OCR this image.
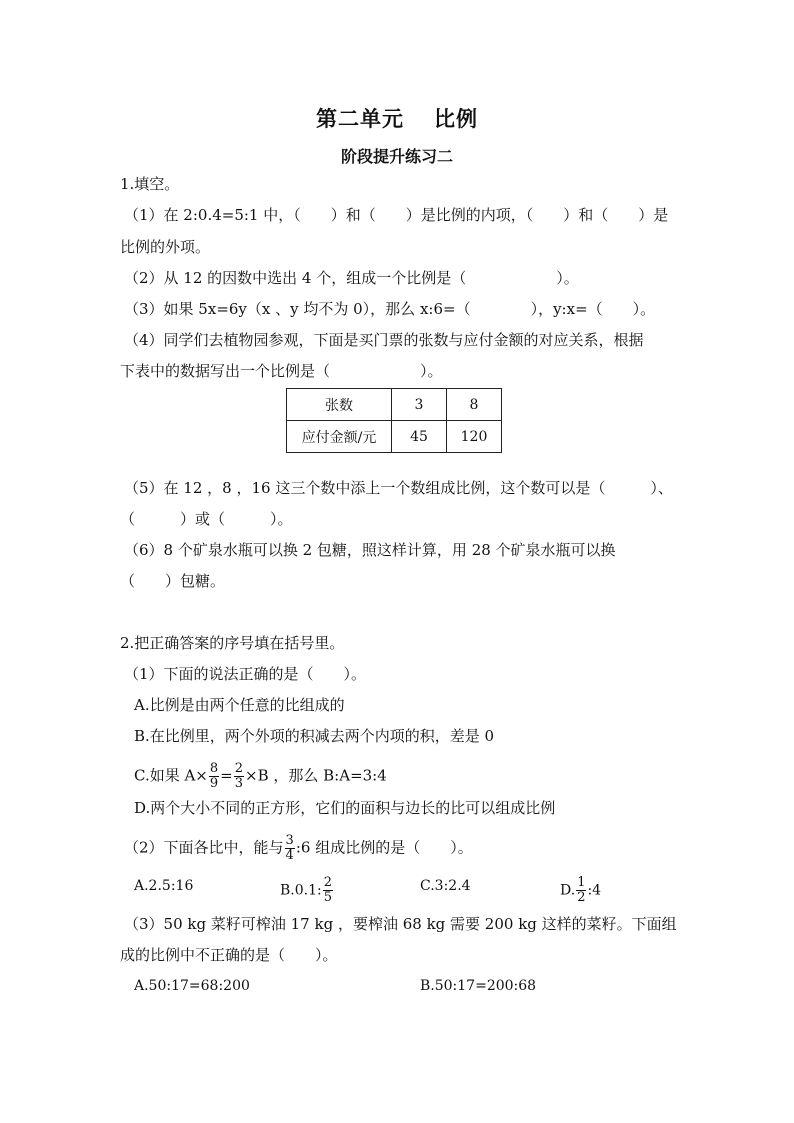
第二单元 比例
阶段提升练习二
1.填空。
（1）在 2:0.4=5:1 中，（　　）和（　　）是比例的内项，（　　）和（　　）是
比例的外项。
（2）从 12 的因数中选出 4 个，组成一个比例是（　　　　　　）。
（3）如果 5x=6y（x 、y 均不为 0），那么 x:6=（　　　　），y:x=（　　）。
（4）同学们去植物园参观，下面是买门票的张数与应付金额的对应关系，根据
下表中的数据写出一个比例是（　　　　　　）。
张数	3	8
应付金额/元	45	120
（5）在 12 ，8 ，16 这三个数中添上一个数组成比例，这个数可以是（　　　）、
（　　　）或（　　　）。
（6）8 个矿泉水瓶可以换 2 包糖，照这样计算，用 28 个矿泉水瓶可以换
（　　）包糖。
2.把正确答案的序号填在括号里。
（1）下面的说法正确的是（　　）。
A.比例是由两个任意的比组成的
B.在比例里，两个外项的积减去两个内项的积，差是 0
C.如果 $A\times \frac{8}{9} = \frac{2}{3} \times B$ ，那么 B:A=3:4
D.两个大小不同的正方形，它们的面积与边长的比可以组成比例
（2）下面各比中，能与 $\frac{3}{4}$ :6 组成比例的是（　　）。
A.2.5:16	B.0.1: $\frac{2}{5}$	C.3:2.4	D. $\frac{1}{2}$ :4
（3）50 kg 菜籽可榨油 17 kg ，要榨油 68 kg 需要 200 kg 这样的菜籽。下面组
成的比例中不正确的是（　　）。
A.50:17=68:200	B.50:17=200:68
